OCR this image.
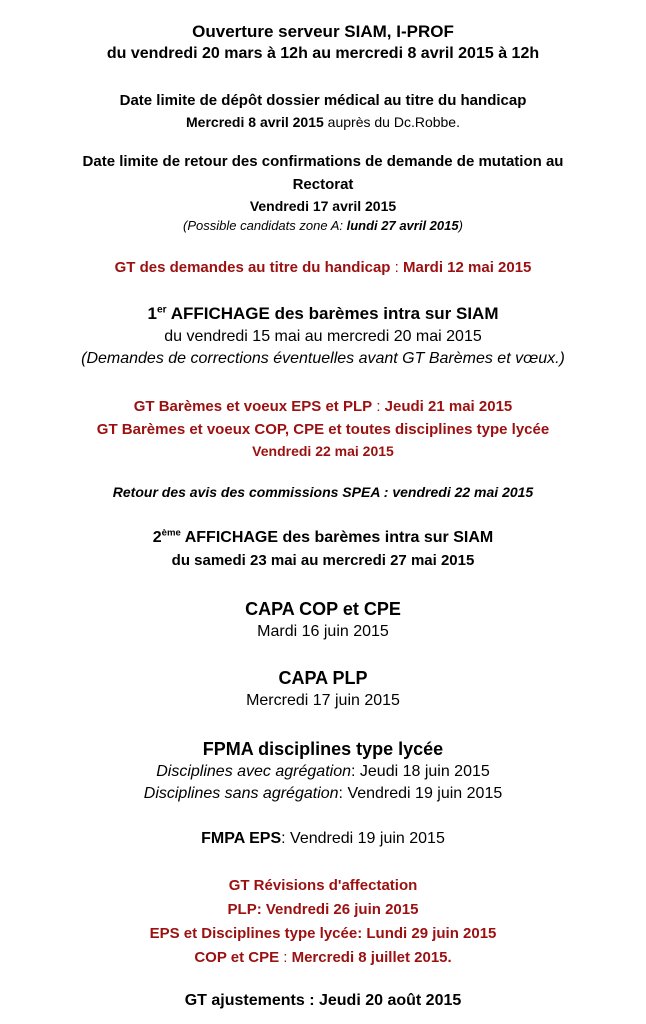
Ouverture serveur SIAM, I-PROF
du vendredi 20 mars à 12h au mercredi 8 avril 2015 à 12h
Date limite de dépôt dossier médical au titre du handicap
Mercredi 8 avril 2015 auprès du Dc.Robbe.
Date limite de retour des confirmations de demande de mutation au
Rectorat
Vendredi 17 avril 2015
(Possible candidats zone A: lundi 27 avril 2015)
GT des demandes au titre du handicap : Mardi 12 mai 2015
1er AFFICHAGE des barèmes intra sur SIAM
du vendredi 15 mai au mercredi 20 mai 2015
(Demandes de corrections éventuelles avant GT Barèmes et vœux.)
GT Barèmes et voeux EPS et PLP : Jeudi 21 mai 2015
GT Barèmes et voeux COP, CPE et toutes disciplines type lycée
Vendredi 22 mai 2015
Retour des avis des commissions SPEA : vendredi 22 mai 2015
2ème AFFICHAGE des barèmes intra sur SIAM
du samedi 23 mai au mercredi 27 mai 2015
CAPA COP et CPE
Mardi 16 juin 2015
CAPA PLP
Mercredi 17 juin 2015
FPMA disciplines type lycée
Disciplines avec agrégation: Jeudi 18 juin 2015
Disciplines sans agrégation: Vendredi 19 juin 2015
FMPA EPS: Vendredi 19 juin 2015
GT Révisions d'affectation
PLP: Vendredi 26 juin 2015
EPS et Disciplines type lycée: Lundi 29 juin 2015
COP et CPE : Mercredi 8 juillet 2015.
GT ajustements : Jeudi 20 août 2015
